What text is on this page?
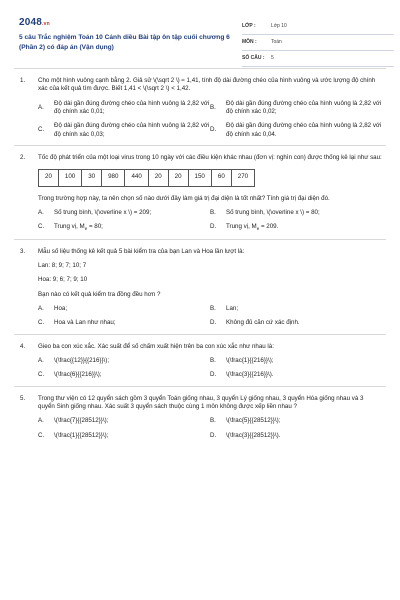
2048.vn
5 câu Trắc nghiệm Toán 10 Cánh diều Bài tập ôn tập cuối chương 6 (Phần 2) có đáp án (Vận dụng)
LỚP :	Lớp 10
MÔN :	Toán
SỐ CÂU :	5
1. Cho một hình vuông cạnh bằng 2. Giả sử \(\sqrt 2 \) ≈ 1,41, tính độ dài đường chéo của hình vuông và ước lượng độ chính xác của kết quả tìm được. Biết 1,41 < \(\sqrt 2 \) < 1,42.
A.
Độ dài gần đúng đường chéo của hình vuông là 2,82 với độ chính xác 0,01;
B.
Độ dài gần đúng đường chéo của hình vuông là 2,82 với độ chính xác 0,02;
C.
Độ dài gần đúng đường chéo của hình vuông là 2,82 với độ chính xác 0,03;
D.
Độ dài gần đúng đường chéo của hình vuông là 2,82 với độ chính xác 0,04.
2. Tốc độ phát triển của một loại virus trong 10 ngày với các điều kiện khác nhau (đơn vị: nghìn con) được thống kê lại như sau:
20	100	30	980	440	20	20	150	60	270
Trong trường hợp này, ta nên chọn số nào dưới đây làm giá trị đại diện là tốt nhất? Tính giá trị đại diện đó.
A.	Số trung bình, \(\overline x \) = 209;	B.	Số trung bình, \(\overline x \) = 80;
C.	Trung vị, $M_e = 80$;	D.	Trung vị, $M_e = 209$.
3. Mẫu số liệu thống kê kết quả 5 bài kiểm tra của bạn Lan và Hoa lần lượt là:
Lan: 8; 9; 7; 10; 7
Hoa: 9; 6; 7; 9; 10
Bạn nào có kết quả kiểm tra đồng đều hơn ?
A.	Hoa;	B.	Lan;
C.	Hoa và Lan như nhau;	D.	Không đủ căn cứ xác định.
4. Gieo ba con xúc xắc. Xác suất để số chấm xuất hiện trên ba con xúc xắc như nhau là:
A.	\(\frac{{12}}{{216}}\);	B.	\(\frac{1}{{216}}\);
C.	\(\frac{6}{{216}}\);	D.	\(\frac{3}{{216}}\).
5. Trong thư viện có 12 quyển sách gồm 3 quyển Toán giống nhau, 3 quyển Lý giống nhau, 3 quyển Hóa giống nhau và 3 quyển Sinh giống nhau. Xác suất 3 quyển sách thuộc cùng 1 môn không được xếp liền nhau ?
A.	\(\frac{7}{{28512}}\);	B.	\(\frac{5}{{28512}}\);
C.	\(\frac{1}{{28512}}\);	D.	\(\frac{3}{{28512}}\).
